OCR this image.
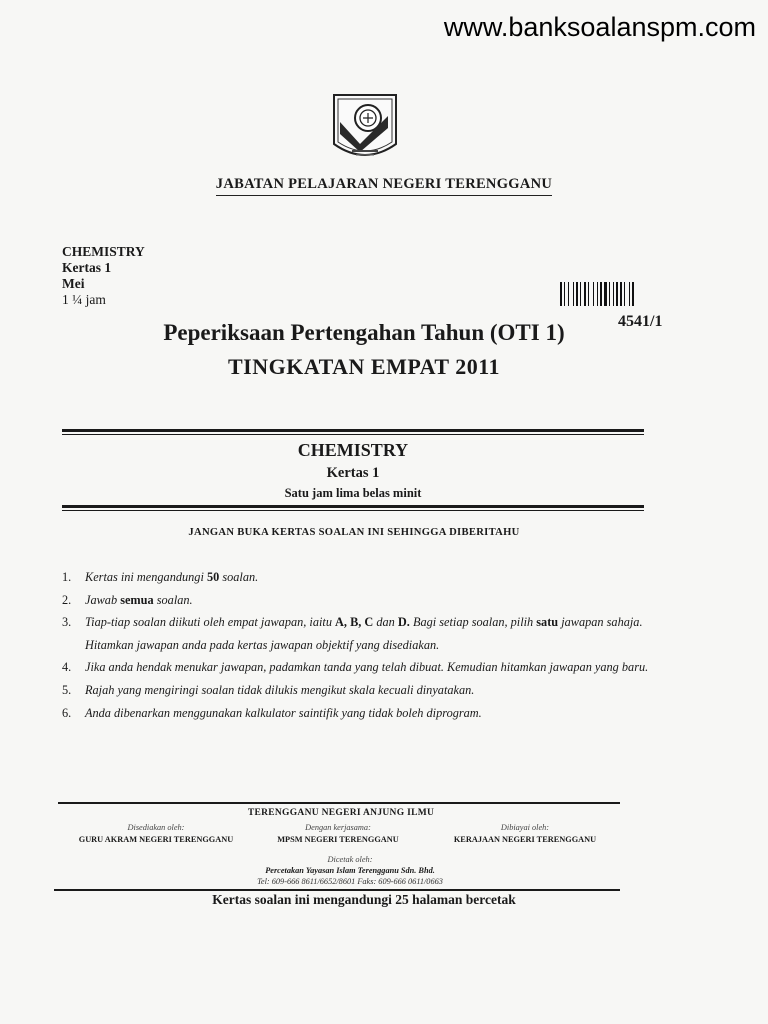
www.banksoalanspm.com
JABATAN PELAJARAN NEGERI TERENGGANU
CHEMISTRY
Kertas 1
Mei
1 ¼ jam
4541/1
Peperiksaan Pertengahan Tahun (OTI 1)
TINGKATAN EMPAT 2011
CHEMISTRY
Kertas 1
Satu jam lima belas minit
JANGAN BUKA KERTAS SOALAN INI SEHINGGA DIBERITAHU
1. Kertas ini mengandungi 50 soalan.
2. Jawab semua soalan.
3. Tiap-tiap soalan diikuti oleh empat jawapan, iaitu A, B, C dan D. Bagi setiap soalan, pilih satu jawapan sahaja. Hitamkan jawapan anda pada kertas jawapan objektif yang disediakan.
4. Jika anda hendak menukar jawapan, padamkan tanda yang telah dibuat. Kemudian hitamkan jawapan yang baru.
5. Rajah yang mengiringi soalan tidak dilukis mengikut skala kecuali dinyatakan.
6. Anda dibenarkan menggunakan kalkulator saintifik yang tidak boleh diprogram.
TERENGGANU NEGERI ANJUNG ILMU
Disediakan oleh:
GURU AKRAM NEGERI TERENGGANU
Dengan kerjasama:
MPSM NEGERI TERENGGANU
Dibiayai oleh:
KERAJAAN NEGERI TERENGGANU
Dicetak oleh:
Percetakan Yayasan Islam Terengganu Sdn. Bhd.
Tel: 609-666 8611/6652/8601 Faks: 609-666 0611/0663
Kertas soalan ini mengandungi 25 halaman bercetak
